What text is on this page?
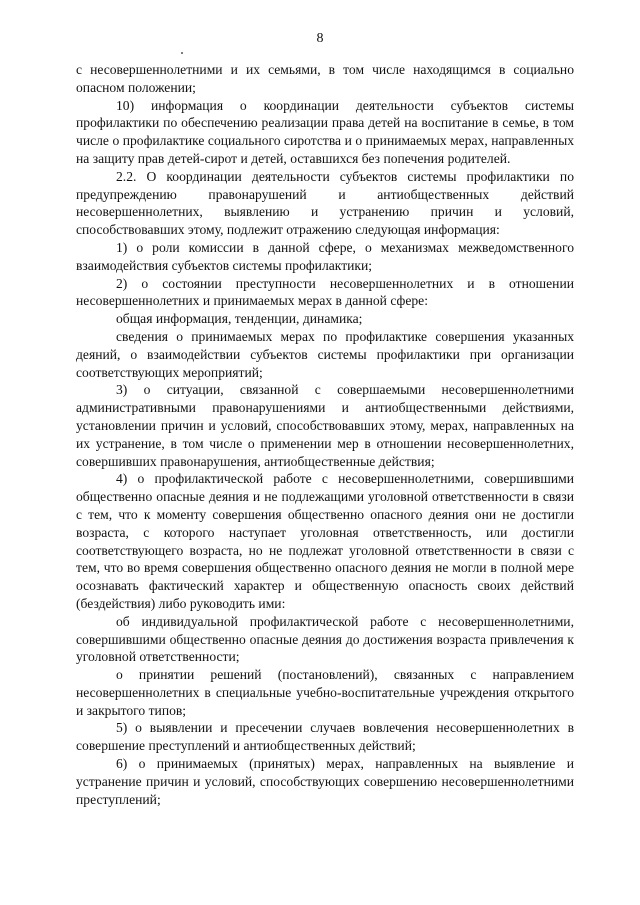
8

с несовершеннолетними и их семьями, в том числе находящимся в социально опасном положении;

10) информация о координации деятельности субъектов системы профилактики по обеспечению реализации права детей на воспитание в семье, в том числе о профилактике социального сиротства и о принимаемых мерах, направленных на защиту прав детей-сирот и детей, оставшихся без попечения родителей.

2.2. О координации деятельности субъектов системы профилактики по предупреждению правонарушений и антиобщественных действий несовершеннолетних, выявлению и устранению причин и условий, способствовавших этому, подлежит отражению следующая информация:

1) о роли комиссии в данной сфере, о механизмах межведомственного взаимодействия субъектов системы профилактики;

2) о состоянии преступности несовершеннолетних и в отношении несовершеннолетних и принимаемых мерах в данной сфере:

общая информация, тенденции, динамика;

сведения о принимаемых мерах по профилактике совершения указанных деяний, о взаимодействии субъектов системы профилактики при организации соответствующих мероприятий;

3) о ситуации, связанной с совершаемыми несовершеннолетними административными правонарушениями и антиобщественными действиями, установлении причин и условий, способствовавших этому, мерах, направленных на их устранение, в том числе о применении мер в отношении несовершеннолетних, совершивших правонарушения, антиобщественные действия;

4) о профилактической работе с несовершеннолетними, совершившими общественно опасные деяния и не подлежащими уголовной ответственности в связи с тем, что к моменту совершения общественно опасного деяния они не достигли возраста, с которого наступает уголовная ответственность, или достигли соответствующего возраста, но не подлежат уголовной ответственности в связи с тем, что во время совершения общественно опасного деяния не могли в полной мере осознавать фактический характер и общественную опасность своих действий (бездействия) либо руководить ими:

об индивидуальной профилактической работе с несовершеннолетними, совершившими общественно опасные деяния до достижения возраста привлечения к уголовной ответственности;

о принятии решений (постановлений), связанных с направлением несовершеннолетних в специальные учебно-воспитательные учреждения открытого и закрытого типов;

5) о выявлении и пресечении случаев вовлечения несовершеннолетних в совершение преступлений и антиобщественных действий;

6) о принимаемых (принятых) мерах, направленных на выявление и устранение причин и условий, способствующих совершению несовершеннолетними преступлений;
